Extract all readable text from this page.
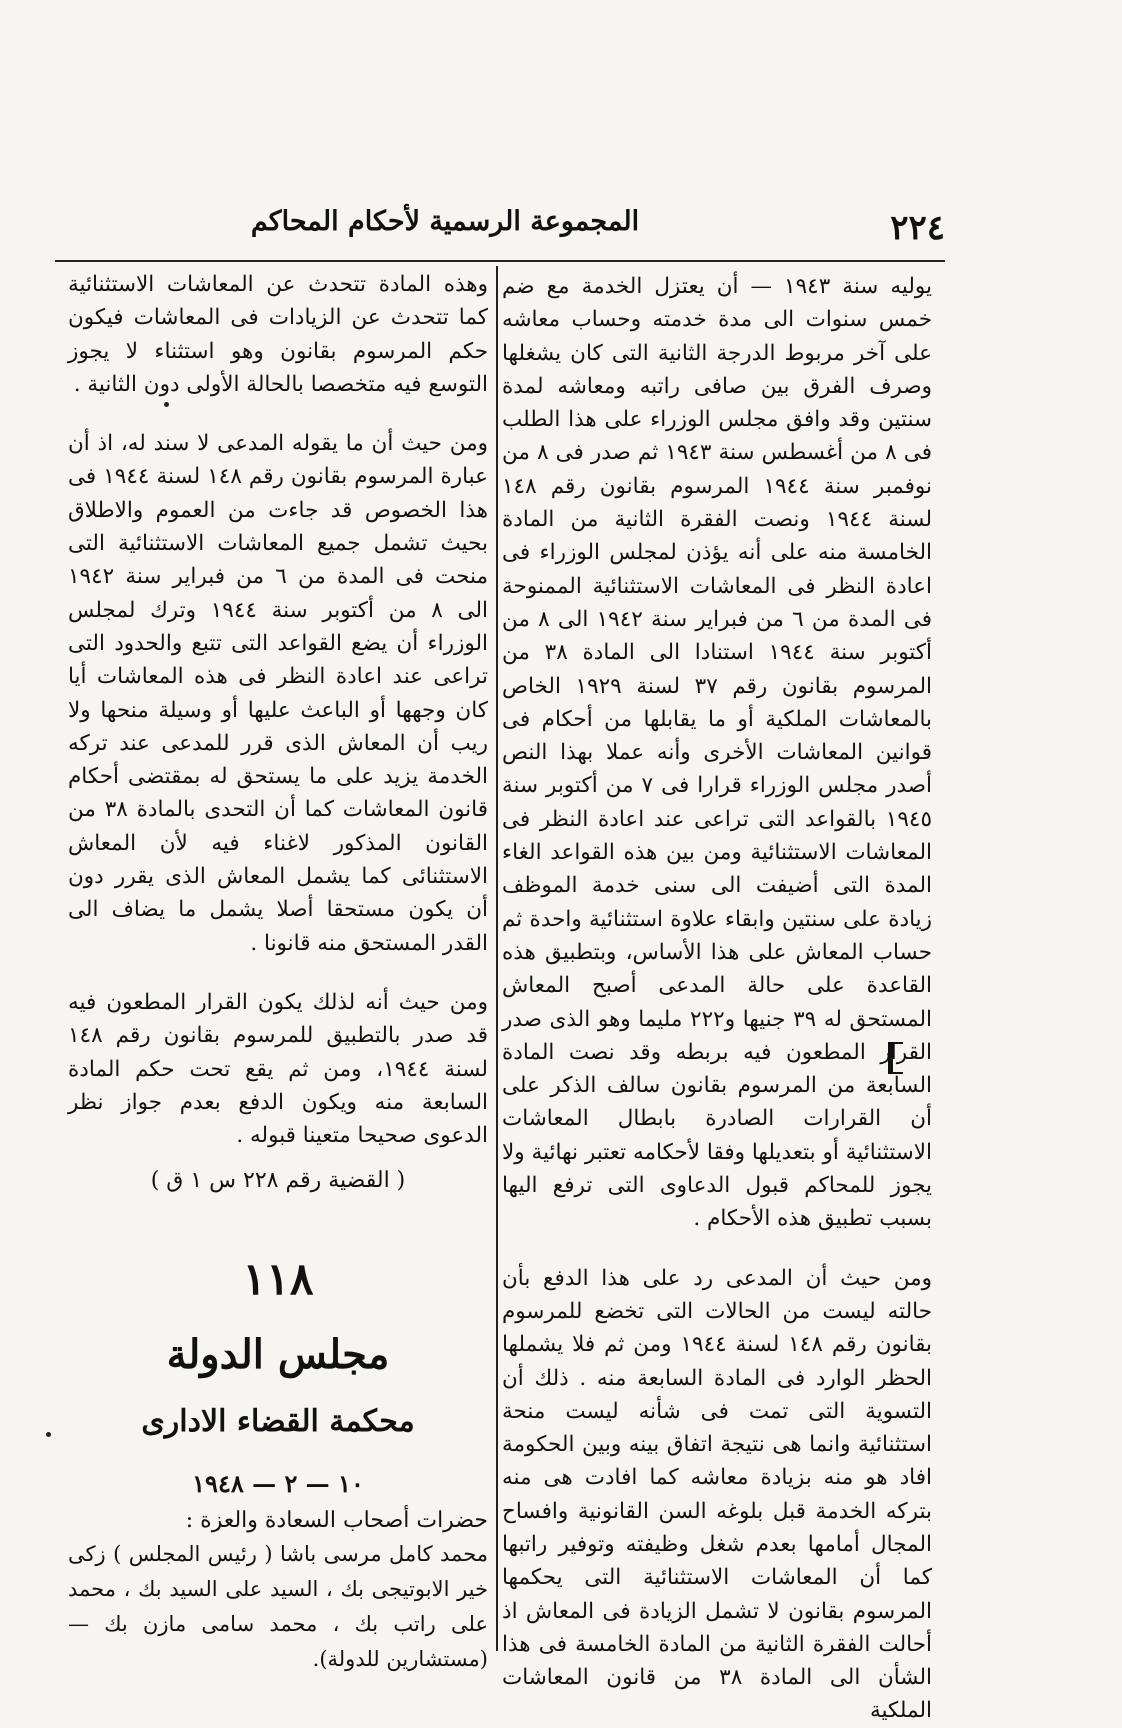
٢٢٤
المجموعة الرسمية لأحكام المحاكم

يوليه سنة ١٩٤٣ — أن يعتزل الخدمة مع ضم خمس سنوات الى مدة خدمته وحساب معاشه على آخر مربوط الدرجة الثانية التى كان يشغلها وصرف الفرق بين صافى راتبه ومعاشه لمدة سنتين وقد وافق مجلس الوزراء على هذا الطلب فى ٨ من أغسطس سنة ١٩٤٣ ثم صدر فى ٨ من نوفمبر سنة ١٩٤٤ المرسوم بقانون رقم ١٤٨ لسنة ١٩٤٤ ونصت الفقرة الثانية من المادة الخامسة منه على أنه يؤذن لمجلس الوزراء فى اعادة النظر فى المعاشات الاستثنائية الممنوحة فى المدة من ٦ من فبراير سنة ١٩٤٢ الى ٨ من أكتوبر سنة ١٩٤٤ استنادا الى المادة ٣٨ من المرسوم بقانون رقم ٣٧ لسنة ١٩٢٩ الخاص بالمعاشات الملكية أو ما يقابلها من أحكام فى قوانين المعاشات الأخرى وأنه عملا بهذا النص أصدر مجلس الوزراء قرارا فى ٧ من أكتوبر سنة ١٩٤٥ بالقواعد التى تراعى عند اعادة النظر فى المعاشات الاستثنائية ومن بين هذه القواعد الغاء المدة التى أضيفت الى سنى خدمة الموظف زيادة على سنتين وابقاء علاوة استثنائية واحدة ثم حساب المعاش على هذا الأساس، وبتطبيق هذه القاعدة على حالة المدعى أصبح المعاش المستحق له ٣٩ جنيها و٢٢٢ مليما وهو الذى صدر القرار المطعون فيه بربطه وقد نصت المادة السابعة من المرسوم بقانون سالف الذكر على أن القرارات الصادرة بابطال المعاشات الاستثنائية أو بتعديلها وفقا لأحكامه تعتبر نهائية ولا يجوز للمحاكم قبول الدعاوى التى ترفع اليها بسبب تطبيق هذه الأحكام .

ومن حيث أن المدعى رد على هذا الدفع بأن حالته ليست من الحالات التى تخضع للمرسوم بقانون رقم ١٤٨ لسنة ١٩٤٤ ومن ثم فلا يشملها الحظر الوارد فى المادة السابعة منه . ذلك أن التسوية التى تمت فى شأنه ليست منحة استثنائية وانما هى نتيجة اتفاق بينه وبين الحكومة افاد هو منه بزيادة معاشه كما افادت هى منه بتركه الخدمة قبل بلوغه السن القانونية وافساح المجال أمامها بعدم شغل وظيفته وتوفير راتبها كما أن المعاشات الاستثنائية التى يحكمها المرسوم بقانون لا تشمل الزيادة فى المعاش اذ أحالت الفقرة الثانية من المادة الخامسة فى هذا الشأن الى المادة ٣٨ من قانون المعاشات الملكية

وهذه المادة تتحدث عن المعاشات الاستثنائية كما تتحدث عن الزيادات فى المعاشات فيكون حكم المرسوم بقانون وهو استثناء لا يجوز التوسع فيه متخصصا بالحالة الأولى دون الثانية .

ومن حيث أن ما يقوله المدعى لا سند له، اذ أن عبارة المرسوم بقانون رقم ١٤٨ لسنة ١٩٤٤ فى هذا الخصوص قد جاءت من العموم والاطلاق بحيث تشمل جميع المعاشات الاستثنائية التى منحت فى المدة من ٦ من فبراير سنة ١٩٤٢ الى ٨ من أكتوبر سنة ١٩٤٤ وترك لمجلس الوزراء أن يضع القواعد التى تتبع والحدود التى تراعى عند اعادة النظر فى هذه المعاشات أيا كان وجهها أو الباعث عليها أو وسيلة منحها ولا ريب أن المعاش الذى قرر للمدعى عند تركه الخدمة يزيد على ما يستحق له بمقتضى أحكام قانون المعاشات كما أن التحدى بالمادة ٣٨ من القانون المذكور لاغناء فيه لأن المعاش الاستثنائى كما يشمل المعاش الذى يقرر دون أن يكون مستحقا أصلا يشمل ما يضاف الى القدر المستحق منه قانونا .

ومن حيث أنه لذلك يكون القرار المطعون فيه قد صدر بالتطبيق للمرسوم بقانون رقم ١٤٨ لسنة ١٩٤٤، ومن ثم يقع تحت حكم المادة السابعة منه ويكون الدفع بعدم جواز نظر الدعوى صحيحا متعينا قبوله .

( القضية رقم ٢٢٨ س ١ ق )
١١٨
مجلس الدولة
محكمة القضاء الادارى
١٠ — ٢ — ١٩٤٨

حضرات أصحاب السعادة والعزة :

محمد كامل مرسى باشا ( رئيس المجلس ) زكى خير الابوتيجى بك ، السيد على السيد بك ، محمد على راتب بك ، محمد سامى مازن بك — (مستشارين للدولة).
